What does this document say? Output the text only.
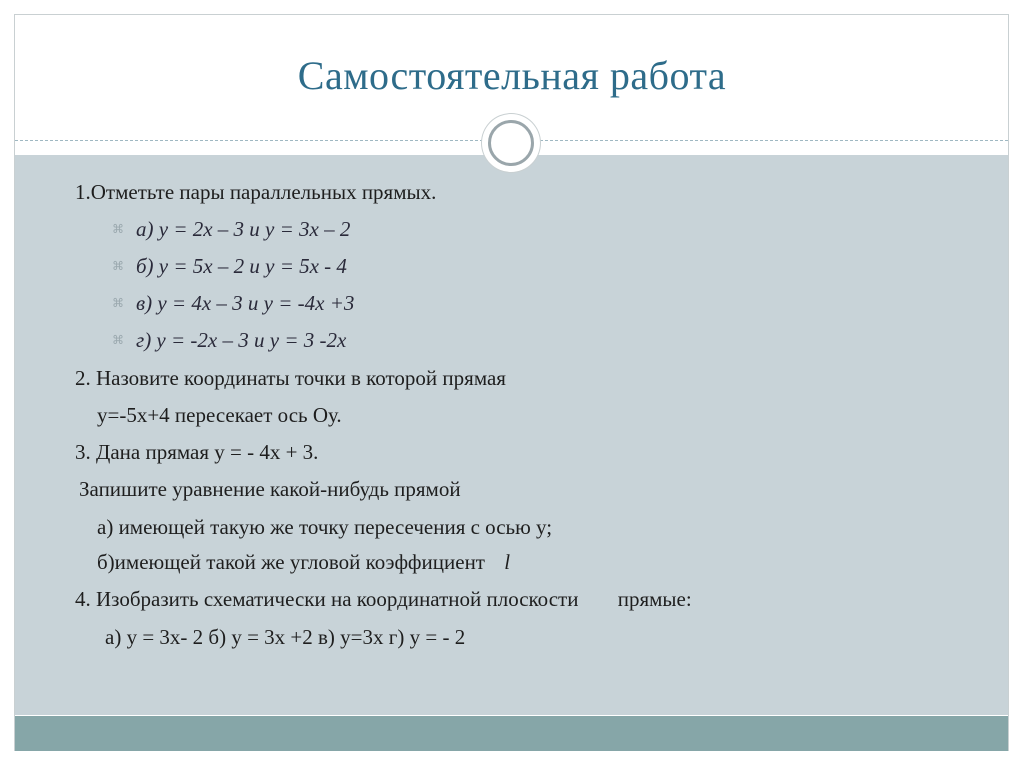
Самостоятельная работа
1.Отметьте пары параллельных прямых.
⌘ а) у = 2х – 3 и у = 3х – 2
⌘ б) у = 5х – 2 и у = 5х - 4
⌘ в) у = 4х – 3 и у = -4х +3
⌘ г) у = -2х – 3 и у = 3 -2х
2. Назовите координаты точки в которой прямая
у=-5х+4 пересекает ось Оу.
3. Дана прямая у = - 4х + 3.
Запишите уравнение какой-нибудь прямой
а) имеющей такую же точку пересечения с осью у;
б)имеющей такой же угловой коэффициент l
4. Изобразить схематически на координатной плоскости прямые:
а) у = 3х- 2 б) у = 3х +2 в) у=3х г) у = - 2
